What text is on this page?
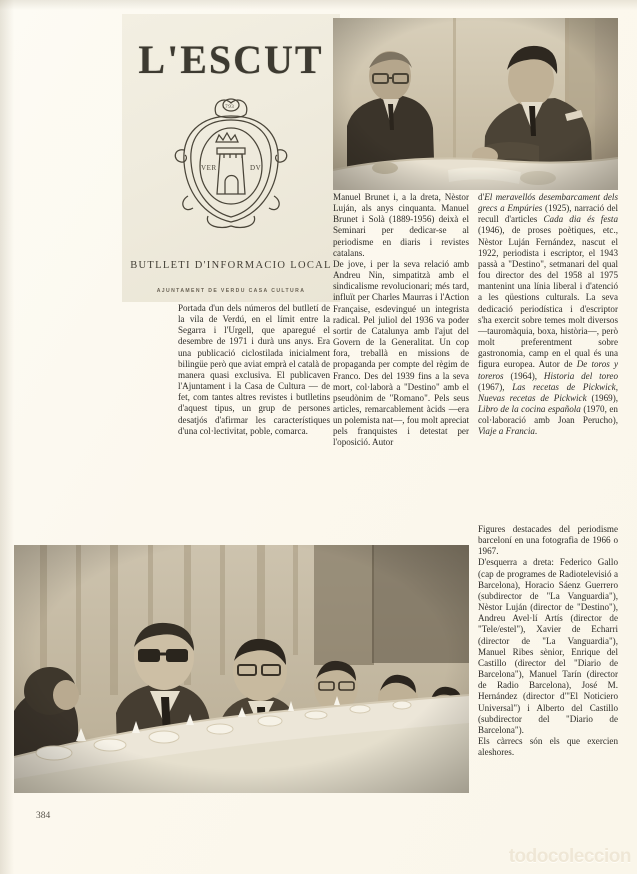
L'ESCUT
VER	DV
1793
BUTLLETI D'INFORMACIO LOCAL
AJUNTAMENT DE VERDU CASA CULTURA

Portada d'un dels números del butlletí de la vila de Verdú, en el límit entre la Segarra i l'Urgell, que aparegué el desembre de 1971 i durà uns anys. Era una publicació ciclostilada inicialment bilingüe però que aviat emprà el català de manera quasi exclusiva. El publicaven l'Ajuntament i la Casa de Cultura — de fet, com tantes altres revistes i butlletins d'aquest tipus, un grup de persones desatjós d'afirmar les característiques d'una col·lectivitat, poble, comarca.

Manuel Brunet i, a la dreta, Nèstor Luján, als anys cinquanta. Manuel Brunet i Solà (1889-1956) deixà el Seminari per dedicar-se al periodisme en diaris i revistes catalans.

De jove, i per la seva relació amb Andreu Nin, simpatitzà amb el sindicalisme revolucionari; més tard, influït per Charles Maurras i l'Action Française, esdevingué un integrista radical. Pel juliol del 1936 va poder sortir de Catalunya amb l'ajut del Govern de la Generalitat. Un cop fora, treballà en missions de propaganda per compte del règim de Franco. Des del 1939 fins a la seva mort, col·laborà a "Destino" amb el pseudònim de "Romano". Pels seus articles, remarcablement àcids —era un polemista nat—, fou molt apreciat pels franquistes i detestat per l'oposició. Autor

d'El meravellós desembarcament dels grecs a Empúries (1925), narració del recull d'articles Cada dia és festa (1946), de proses poètiques, etc., Nèstor Luján Fernández, nascut el 1922, periodista i escriptor, el 1943 passà a "Destino", setmanari del qual fou director des del 1958 al 1975 mantenint una línia liberal i d'atenció a les qüestions culturals. La seva dedicació periodística i d'escriptor s'ha exercit sobre temes molt diversos —tauromàquia, boxa, història—, però molt preferentment sobre gastronomia, camp en el qual és una figura europea. Autor de De toros y toreros (1964), Historia del toreo (1967), Las recetas de Pickwick, Nuevas recetas de Pickwick (1969), Libro de la cocina española (1970, en col·laboració amb Joan Perucho), Viaje a Francia.

Figures destacades del periodisme barceloní en una fotografia de 1966 o 1967.

D'esquerra a dreta: Federico Gallo (cap de programes de Radiotelevisió a Barcelona), Horacio Sáenz Guerrero (subdirector de "La Vanguardia"), Nèstor Luján (director de "Destino"), Andreu Avel·lí Artís (director de "Tele/estel"), Xavier de Echarri (director de "La Vanguardia"), Manuel Ribes sènior, Enrique del Castillo (director del "Diario de Barcelona"), Manuel Tarín (director de Radio Barcelona), José M. Hernández (director d'"El Noticiero Universal") i Alberto del Castillo (subdirector del "Diario de Barcelona").

Els càrrecs són els que exercien aleshores.

384
todocoleccion
